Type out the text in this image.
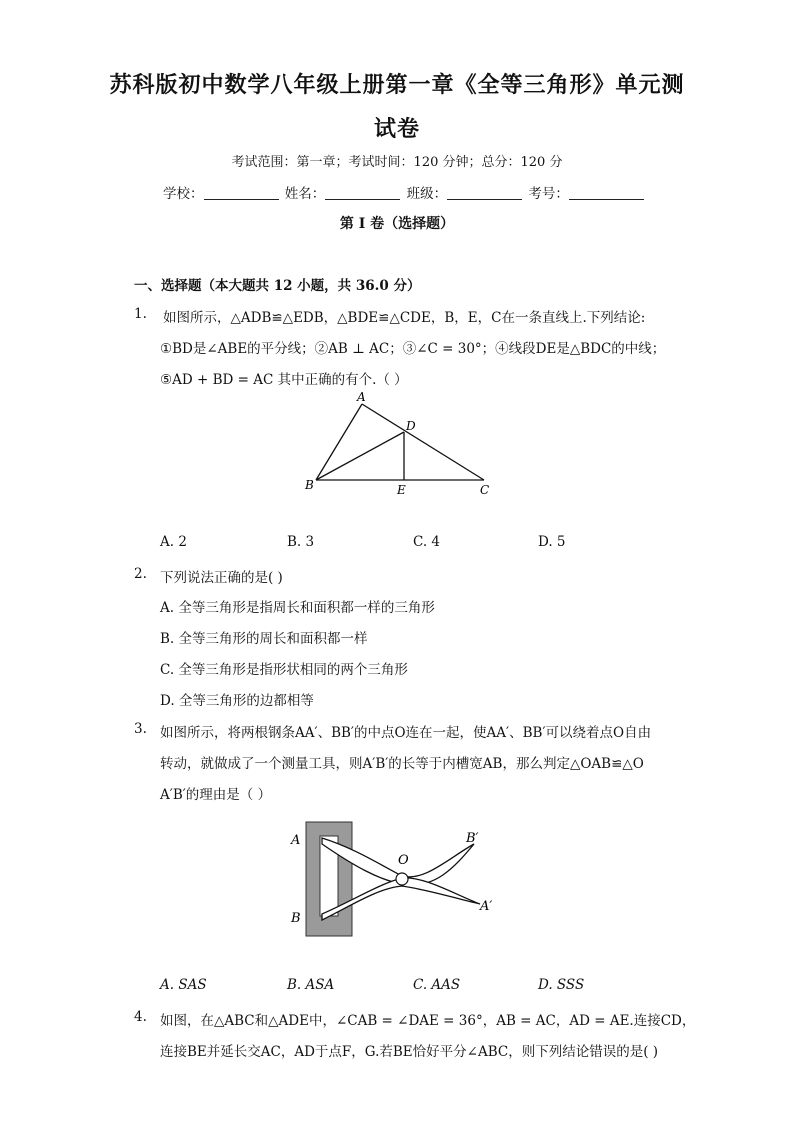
苏科版初中数学八年级上册第一章《全等三角形》单元测
试卷
考试范围：第一章；考试时间：120 分钟；总分：120 分
学校：	姓名：	班级：	考号：
第 I 卷（选择题）
一、选择题（本大题共 12 小题，共 36.0 分）
1. 如图所示，△ADB≌△EDB，△BDE≌△CDE，B，E，C在一条直线上.下列结论:
①BD是∠ABE的平分线；②AB ⊥ AC；③∠C = 30°；④线段DE是△BDC的中线；
⑤AD + BD = AC 其中正确的有个.（ ）
A
D
B	E	C
A. 2	B. 3	C. 4	D. 5
2. 下列说法正确的是( )
A. 全等三角形是指周长和面积都一样的三角形
B. 全等三角形的周长和面积都一样
C. 全等三角形是指形状相同的两个三角形
D. 全等三角形的边都相等
3. 如图所示，将两根钢条AA′、BB′的中点O连在一起，使AA′、BB′可以绕着点O自由
转动，就做成了一个测量工具，则A′B′的长等于内槽宽AB，那么判定△OAB≌△O
A′B′的理由是（ ）
A
B
O
B′
A′
A. SAS	B. ASA	C. AAS	D. SSS
4. 如图，在△ABC和△ADE中，∠CAB = ∠DAE = 36°，AB = AC，AD = AE.连接CD，
连接BE并延长交AC，AD于点F，G.若BE恰好平分∠ABC，则下列结论错误的是( )
